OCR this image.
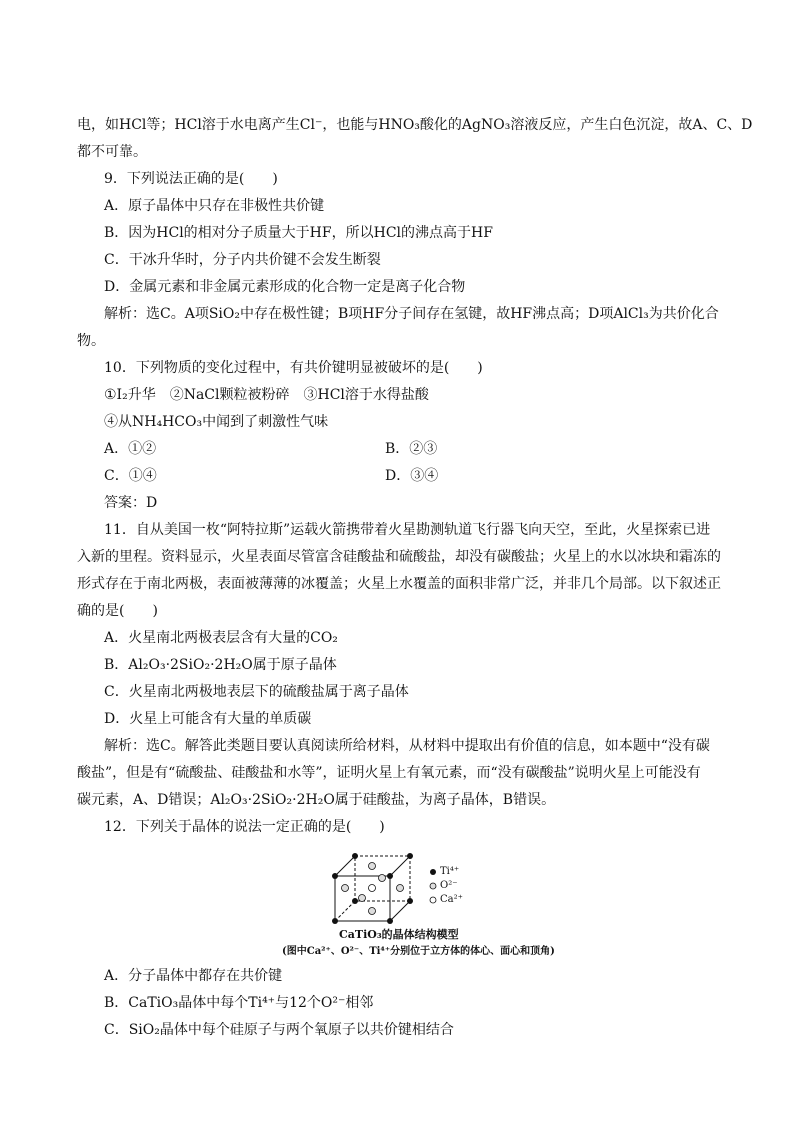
电，如HCl等；HCl溶于水电离产生Cl⁻，也能与HNO₃酸化的AgNO₃溶液反应，产生白色沉淀，故A、C、D
都不可靠。
9．下列说法正确的是(　　)
A．原子晶体中只存在非极性共价键
B．因为HCl的相对分子质量大于HF，所以HCl的沸点高于HF
C．干冰升华时，分子内共价键不会发生断裂
D．金属元素和非金属元素形成的化合物一定是离子化合物
解析：选C。A项SiO₂中存在极性键；B项HF分子间存在氢键，故HF沸点高；D项AlCl₃为共价化合
物。
10．下列物质的变化过程中，有共价键明显被破坏的是(　　)
①I₂升华　②NaCl颗粒被粉碎　③HCl溶于水得盐酸
④从NH₄HCO₃中闻到了刺激性气味
A．①②	B．②③
C．①④	D．③④
答案：D
11．自从美国一枚“阿特拉斯”运载火箭携带着火星勘测轨道飞行器飞向天空，至此，火星探索已进
入新的里程。资料显示，火星表面尽管富含硅酸盐和硫酸盐，却没有碳酸盐；火星上的水以冰块和霜冻的
形式存在于南北两极，表面被薄薄的冰覆盖；火星上水覆盖的面积非常广泛，并非几个局部。以下叙述正
确的是(　　)
A．火星南北两极表层含有大量的CO₂
B．Al₂O₃·2SiO₂·2H₂O属于原子晶体
C．火星南北两极地表层下的硫酸盐属于离子晶体
D．火星上可能含有大量的单质碳
解析：选C。解答此类题目要认真阅读所给材料，从材料中提取出有价值的信息，如本题中“没有碳
酸盐”，但是有“硫酸盐、硅酸盐和水等”，证明火星上有氧元素，而“没有碳酸盐”说明火星上可能没有
碳元素，A、D错误；Al₂O₃·2SiO₂·2H₂O属于硅酸盐，为离子晶体，B错误。
12．下列关于晶体的说法一定正确的是(　　)
Ti⁴⁺
O²⁻
Ca²⁺
CaTiO₃的晶体结构模型
(图中Ca²⁺、O²⁻、Ti⁴⁺分别位于立方体的体心、面心和顶角)
A．分子晶体中都存在共价键
B．CaTiO₃晶体中每个Ti⁴⁺与12个O²⁻相邻
C．SiO₂晶体中每个硅原子与两个氧原子以共价键相结合
